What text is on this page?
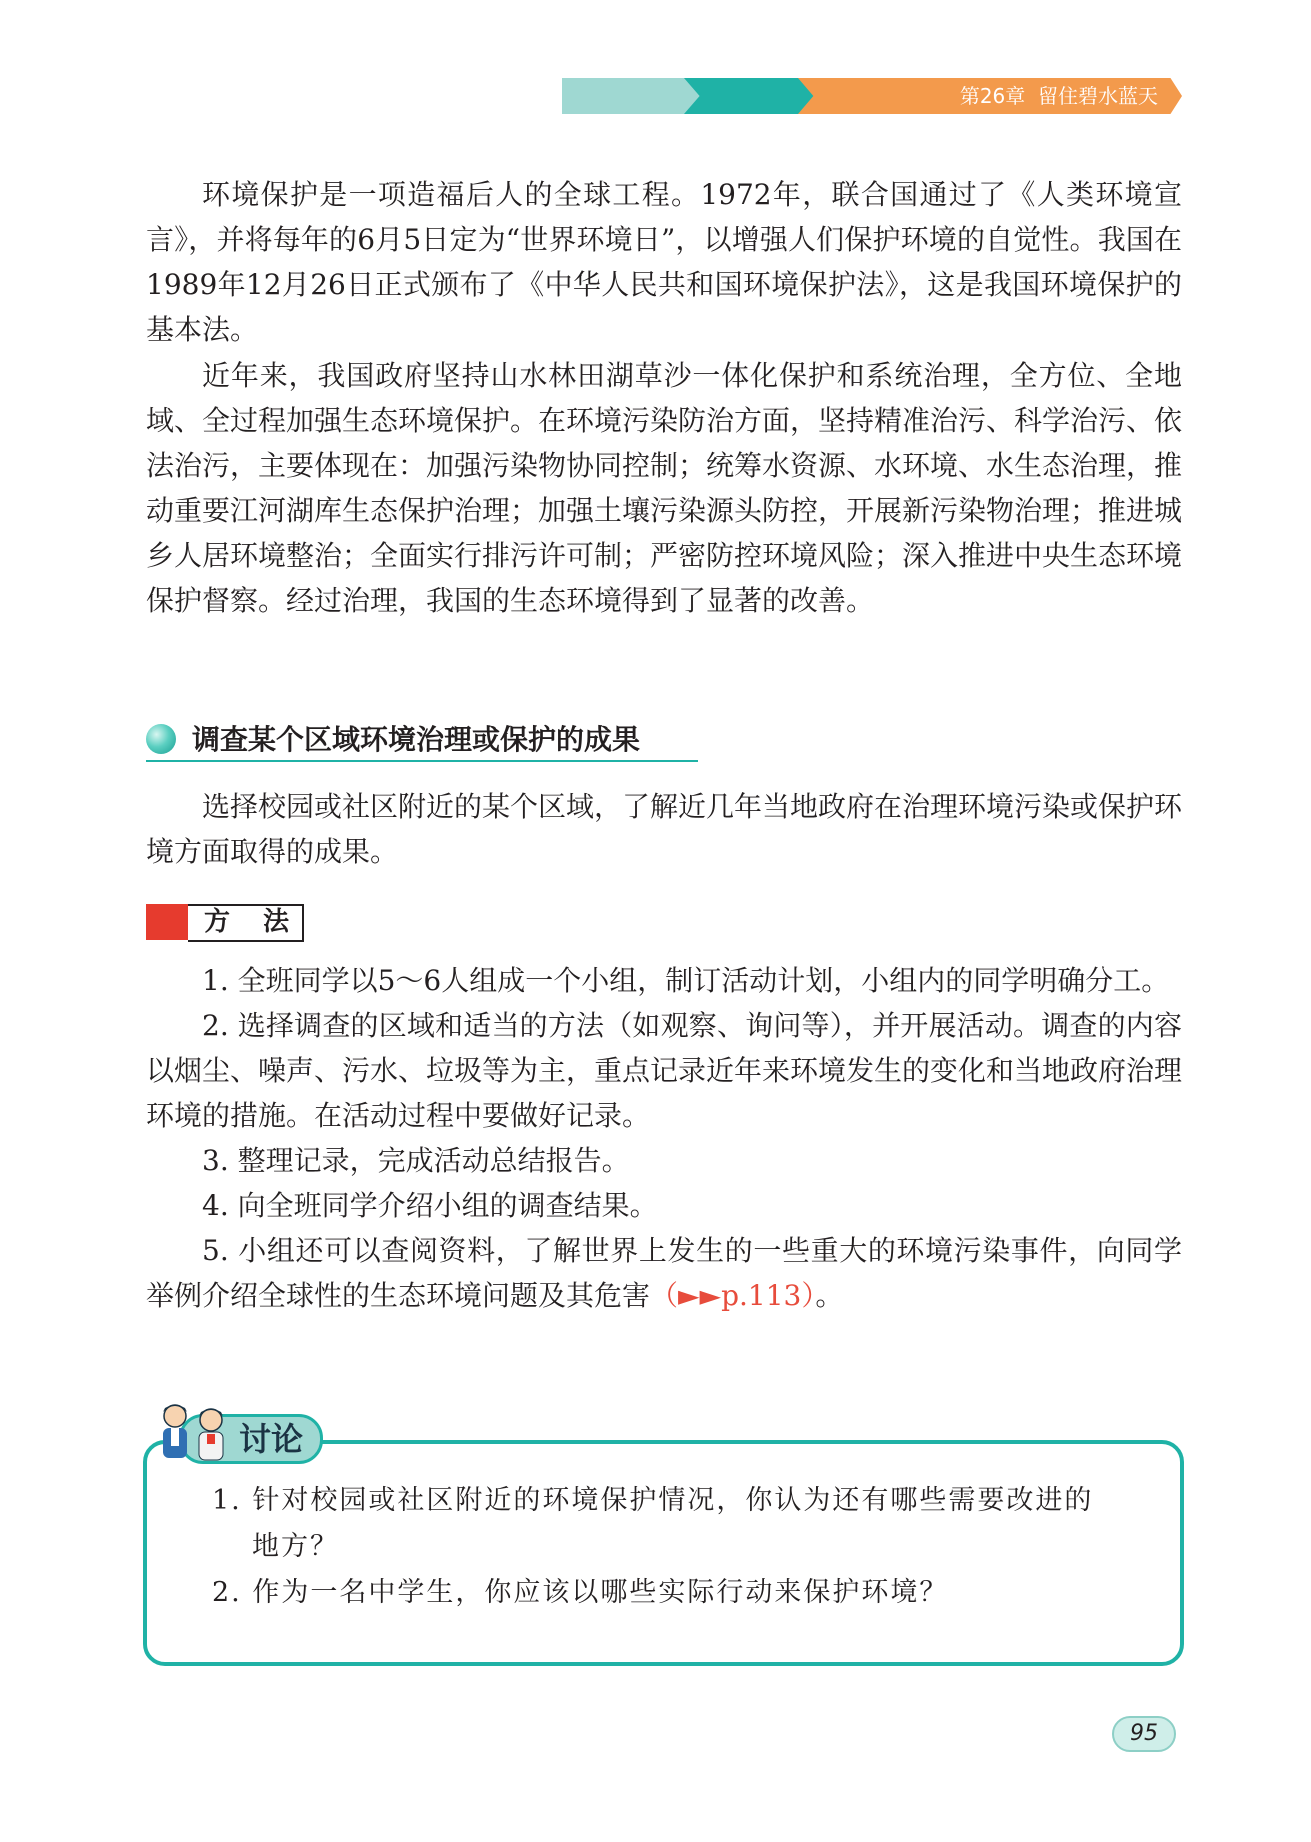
第26章 留住碧水蓝天

环境保护是一项造福后人的全球工程。1972年，联合国通过了《人类环境宣言》，并将每年的6月5日定为“世界环境日”，以增强人们保护环境的自觉性。我国在1989年12月26日正式颁布了《中华人民共和国环境保护法》，这是我国环境保护的基本法。

近年来，我国政府坚持山水林田湖草沙一体化保护和系统治理，全方位、全地域、全过程加强生态环境保护。在环境污染防治方面，坚持精准治污、科学治污、依法治污，主要体现在：加强污染物协同控制；统筹水资源、水环境、水生态治理，推动重要江河湖库生态保护治理；加强土壤污染源头防控，开展新污染物治理；推进城乡人居环境整治；全面实行排污许可制；严密防控环境风险；深入推进中央生态环境保护督察。经过治理，我国的生态环境得到了显著的改善。

调查某个区域环境治理或保护的成果

选择校园或社区附近的某个区域，了解近几年当地政府在治理环境污染或保护环境方面取得的成果。

方 法
1. 全班同学以5～6人组成一个小组，制订活动计划，小组内的同学明确分工。
2. 选择调查的区域和适当的方法（如观察、询问等），并开展活动。调查的内容以烟尘、噪声、污水、垃圾等为主，重点记录近年来环境发生的变化和当地政府治理环境的措施。在活动过程中要做好记录。
3. 整理记录，完成活动总结报告。
4. 向全班同学介绍小组的调查结果。
5. 小组还可以查阅资料，了解世界上发生的一些重大的环境污染事件，向同学举例介绍全球性的生态环境问题及其危害（►►p.113）。
讨论
1. 针对校园或社区附近的环境保护情况，你认为还有哪些需要改进的地方？
2. 作为一名中学生，你应该以哪些实际行动来保护环境？
95
